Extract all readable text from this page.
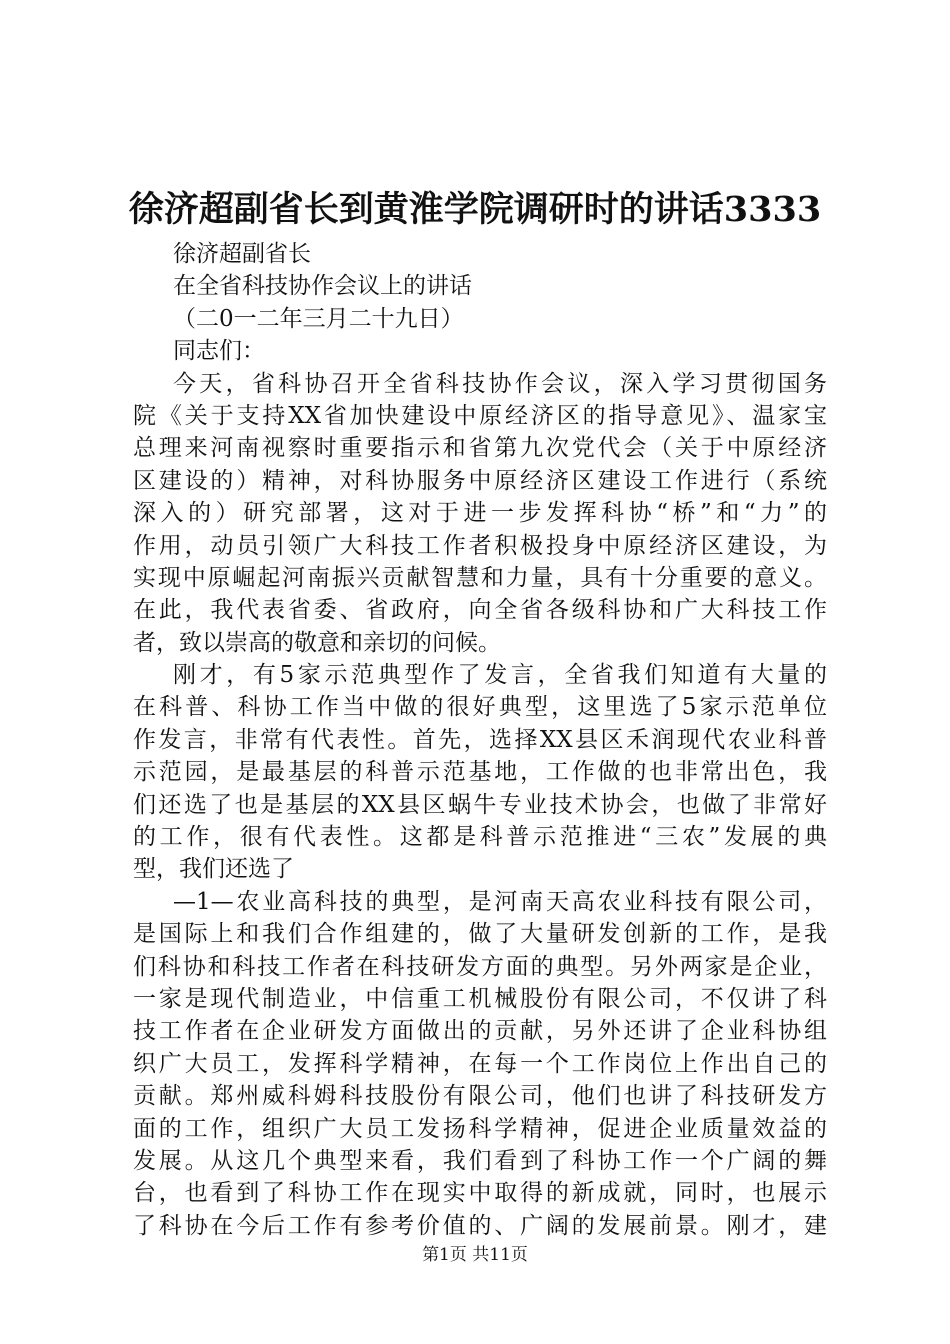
徐济超副省长到黄淮学院调研时的讲话3333
徐济超副省长
在全省科技协作会议上的讲话
（二0一二年三月二十九日）
同志们：
今天，省科协召开全省科技协作会议，深入学习贯彻国务
院《关于支持XX省加快建设中原经济区的指导意见》、温家宝
总理来河南视察时重要指示和省第九次党代会（关于中原经济
区建设的）精神，对科协服务中原经济区建设工作进行（系统
深入的）研究部署，这对于进一步发挥科协“桥”和“力”的
作用，动员引领广大科技工作者积极投身中原经济区建设，为
实现中原崛起河南振兴贡献智慧和力量，具有十分重要的意义。
在此，我代表省委、省政府，向全省各级科协和广大科技工作
者，致以崇高的敬意和亲切的问候。
刚才，有5家示范典型作了发言，全省我们知道有大量的
在科普、科协工作当中做的很好典型，这里选了5家示范单位
作发言，非常有代表性。首先，选择XX县区禾润现代农业科普
示范园，是最基层的科普示范基地，工作做的也非常出色，我
们还选了也是基层的XX县区蜗牛专业技术协会，也做了非常好
的工作，很有代表性。这都是科普示范推进“三农”发展的典
型，我们还选了
—1—农业高科技的典型，是河南天高农业科技有限公司，
是国际上和我们合作组建的，做了大量研发创新的工作，是我
们科协和科技工作者在科技研发方面的典型。另外两家是企业，
一家是现代制造业，中信重工机械股份有限公司，不仅讲了科
技工作者在企业研发方面做出的贡献，另外还讲了企业科协组
织广大员工，发挥科学精神，在每一个工作岗位上作出自己的
贡献。郑州威科姆科技股份有限公司，他们也讲了科技研发方
面的工作，组织广大员工发扬科学精神，促进企业质量效益的
发展。从这几个典型来看，我们看到了科协工作一个广阔的舞
台，也看到了科协工作在现实中取得的新成就，同时，也展示
了科协在今后工作有参考价值的、广阔的发展前景。刚才，建
第1页 共11页
